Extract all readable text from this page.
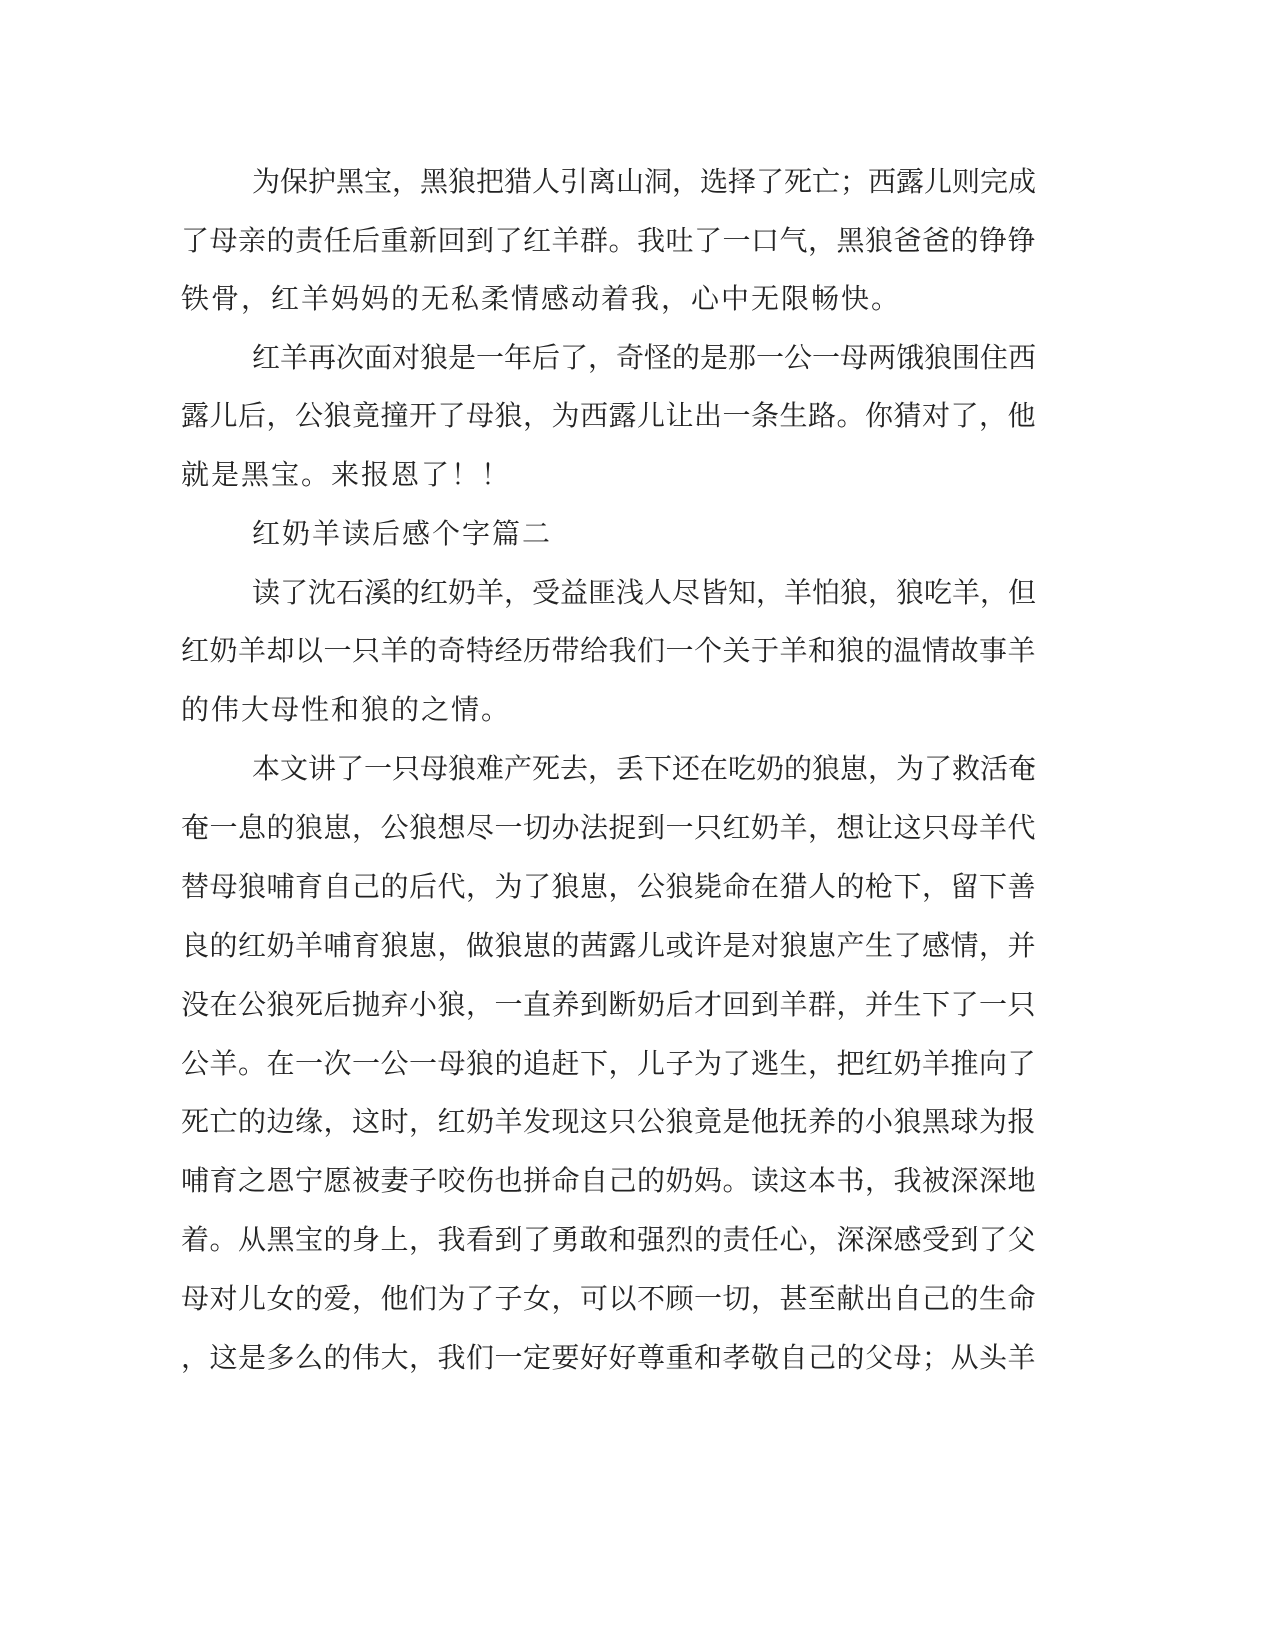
为保护黑宝，黑狼把猎人引离山洞，选择了死亡；西露儿则完成
了母亲的责任后重新回到了红羊群。我吐了一口气，黑狼爸爸的铮铮
铁骨，红羊妈妈的无私柔情感动着我，心中无限畅快。
红羊再次面对狼是一年后了，奇怪的是那一公一母两饿狼围住西
露儿后，公狼竟撞开了母狼，为西露儿让出一条生路。你猜对了，他
就是黑宝。来报恩了！！
红奶羊读后感个字篇二
读了沈石溪的红奶羊，受益匪浅人尽皆知，羊怕狼，狼吃羊，但
红奶羊却以一只羊的奇特经历带给我们一个关于羊和狼的温情故事羊
的伟大母性和狼的之情。
本文讲了一只母狼难产死去，丢下还在吃奶的狼崽，为了救活奄
奄一息的狼崽，公狼想尽一切办法捉到一只红奶羊，想让这只母羊代
替母狼哺育自己的后代，为了狼崽，公狼毙命在猎人的枪下，留下善
良的红奶羊哺育狼崽，做狼崽的茜露儿或许是对狼崽产生了感情，并
没在公狼死后抛弃小狼，一直养到断奶后才回到羊群，并生下了一只
公羊。在一次一公一母狼的追赶下，儿子为了逃生，把红奶羊推向了
死亡的边缘，这时，红奶羊发现这只公狼竟是他抚养的小狼黑球为报
哺育之恩宁愿被妻子咬伤也拼命自己的奶妈。读这本书，我被深深地
着。从黑宝的身上，我看到了勇敢和强烈的责任心，深深感受到了父
母对儿女的爱，他们为了子女，可以不顾一切，甚至献出自己的生命
，这是多么的伟大，我们一定要好好尊重和孝敬自己的父母；从头羊
